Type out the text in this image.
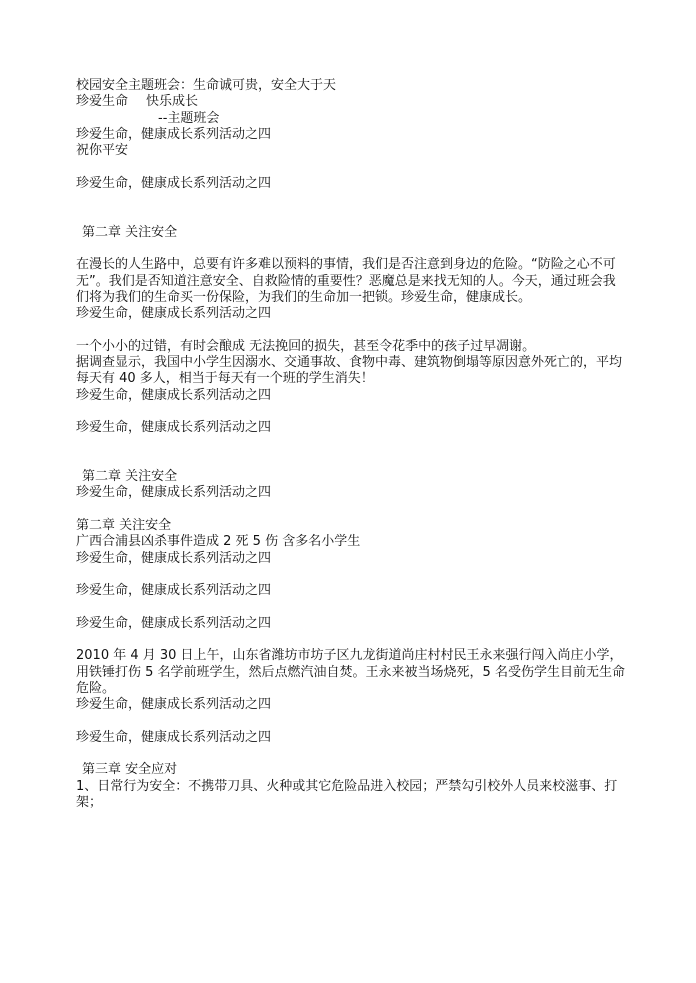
校园安全主题班会：生命诚可贵，安全大于天
珍爱生命 快乐成长
--主题班会
珍爱生命，健康成长系列活动之四
祝你平安
珍爱生命，健康成长系列活动之四
第二章 关注安全
在漫长的人生路中，总要有许多难以预料的事情，我们是否注意到身边的危险。“防险之心不可无”。我们是否知道注意安全、自救险情的重要性？恶魔总是来找无知的人。今天，通过班会我们将为我们的生命买一份保险，为我们的生命加一把锁。珍爱生命，健康成长。
珍爱生命，健康成长系列活动之四
一个小小的过错，有时会酿成 无法挽回的损失，甚至令花季中的孩子过早凋谢。
据调查显示，我国中小学生因溺水、交通事故、食物中毒、建筑物倒塌等原因意外死亡的，平均每天有 40 多人，相当于每天有一个班的学生消失！
珍爱生命，健康成长系列活动之四
珍爱生命，健康成长系列活动之四
第二章 关注安全
珍爱生命，健康成长系列活动之四
第二章 关注安全
广西合浦县凶杀事件造成 2 死 5 伤 含多名小学生
珍爱生命，健康成长系列活动之四
珍爱生命，健康成长系列活动之四
珍爱生命，健康成长系列活动之四
2010 年 4 月 30 日上午，山东省潍坊市坊子区九龙街道尚庄村村民王永来强行闯入尚庄小学，用铁锤打伤 5 名学前班学生，然后点燃汽油自焚。王永来被当场烧死，5 名受伤学生目前无生命危险。
珍爱生命，健康成长系列活动之四
珍爱生命，健康成长系列活动之四
第三章 安全应对
1、日常行为安全：不携带刀具、火种或其它危险品进入校园；严禁勾引校外人员来校滋事、打架；
